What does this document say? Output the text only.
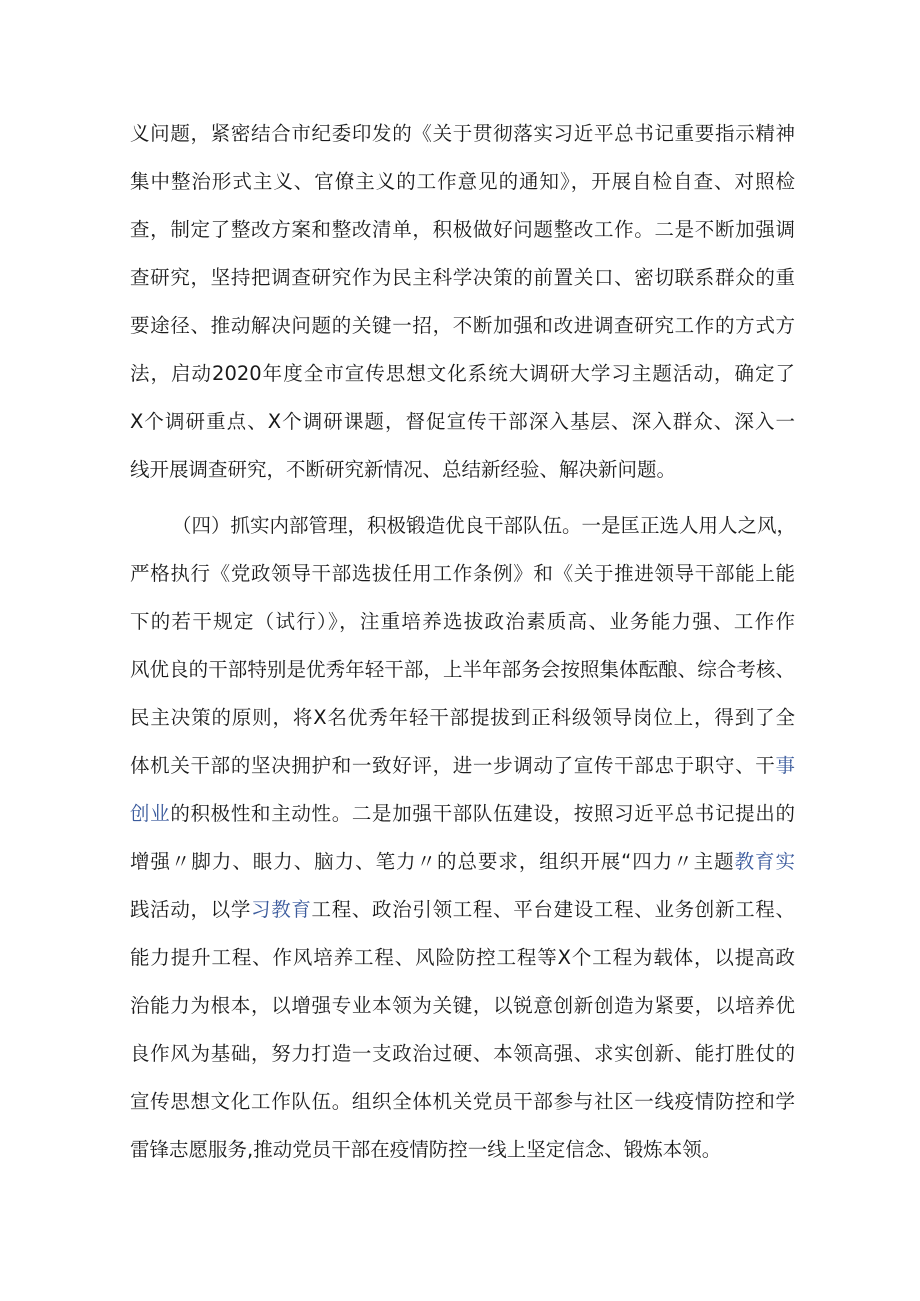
义问题，紧密结合市纪委印发的《关于贯彻落实习近平总书记重要指示精神
集中整治形式主义、官僚主义的工作意见的通知》，开展自检自查、对照检
查，制定了整改方案和整改清单，积极做好问题整改工作。二是不断加强调
查研究，坚持把调查研究作为民主科学决策的前置关口、密切联系群众的重
要途径、推动解决问题的关键一招，不断加强和改进调查研究工作的方式方
法，启动2020年度全市宣传思想文化系统大调研大学习主题活动，确定了
X个调研重点、X个调研课题，督促宣传干部深入基层、深入群众、深入一
线开展调查研究，不断研究新情况、总结新经验、解决新问题。
（四）抓实内部管理，积极锻造优良干部队伍。一是匡正选人用人之风，
严格执行《党政领导干部选拔任用工作条例》和《关于推进领导干部能上能
下的若干规定（试行）》，注重培养选拔政治素质高、业务能力强、工作作
风优良的干部特别是优秀年轻干部，上半年部务会按照集体酝酿、综合考核、
民主决策的原则，将X名优秀年轻干部提拔到正科级领导岗位上，得到了全
体机关干部的坚决拥护和一致好评，进一步调动了宣传干部忠于职守、干事
创业的积极性和主动性。二是加强干部队伍建设，按照习近平总书记提出的
增强〃脚力、眼力、脑力、笔力〃的总要求，组织开展“四力〃主题教育实
践活动，以学习教育工程、政治引领工程、平台建设工程、业务创新工程、
能力提升工程、作风培养工程、风险防控工程等X个工程为载体，以提高政
治能力为根本，以增强专业本领为关键，以锐意创新创造为紧要，以培养优
良作风为基础，努力打造一支政治过硬、本领高强、求实创新、能打胜仗的
宣传思想文化工作队伍。组织全体机关党员干部参与社区一线疫情防控和学
雷锋志愿服务,推动党员干部在疫情防控一线上坚定信念、锻炼本领。
